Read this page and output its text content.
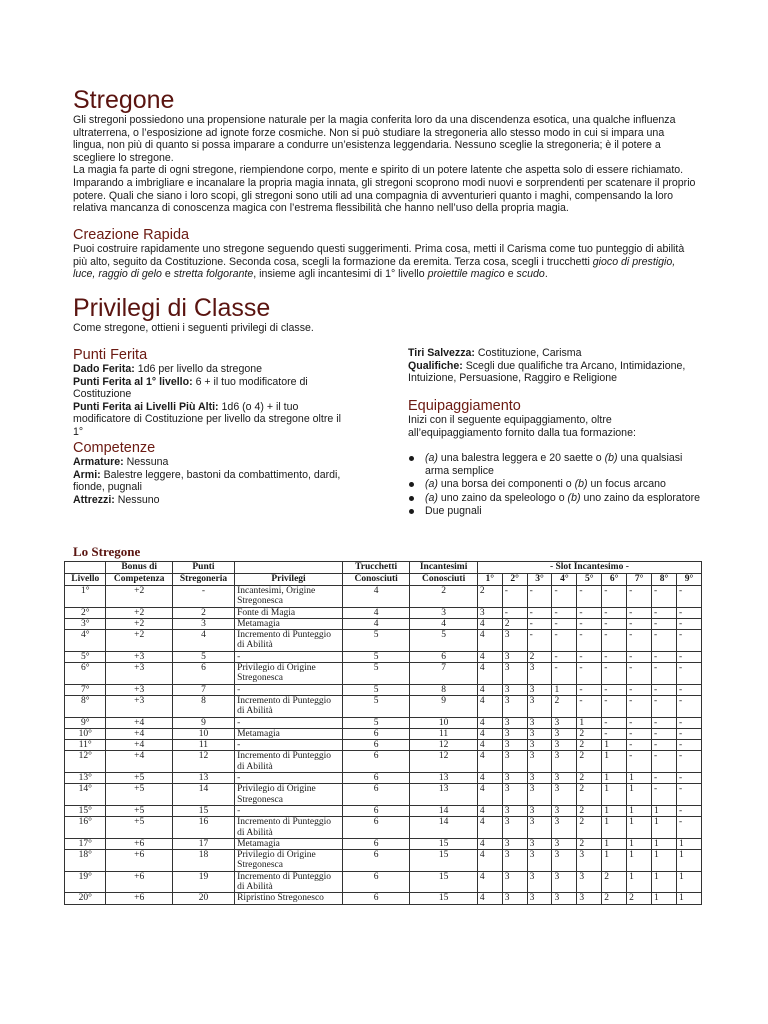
Stregone

Gli stregoni possiedono una propensione naturale per la magia conferita loro da una discendenza esotica, una qualche influenza ultraterrena, o l’esposizione ad ignote forze cosmiche. Non si può studiare la stregoneria allo stesso modo in cui si impara una lingua, non più di quanto si possa imparare a condurre un’esistenza leggendaria. Nessuno sceglie la stregoneria; è il potere a scegliere lo stregone.

La magia fa parte di ogni stregone, riempiendone corpo, mente e spirito di un potere latente che aspetta solo di essere richiamato. Imparando a imbrigliare e incanalare la propria magia innata, gli stregoni scoprono modi nuovi e sorprendenti per scatenare il proprio potere. Quali che siano i loro scopi, gli stregoni sono utili ad una compagnia di avventurieri quanto i maghi, compensando la loro relativa mancanza di conoscenza magica con l’estrema flessibilità che hanno nell’uso della propria magia.

Creazione Rapida

Puoi costruire rapidamente uno stregone seguendo questi suggerimenti. Prima cosa, metti il Carisma come tuo punteggio di abilità più alto, seguito da Costituzione. Seconda cosa, scegli la formazione da eremita. Terza cosa, scegli i trucchetti gioco di prestigio, luce, raggio di gelo e stretta folgorante, insieme agli incantesimi di 1° livello proiettile magico e scudo.

Privilegi di Classe
Come stregone, ottieni i seguenti privilegi di classe.
Punti Ferita

Dado Ferita: 1d6 per livello da stregone

Punti Ferita al 1° livello: 6 + il tuo modificatore di Costituzione

Punti Ferita ai Livelli Più Alti: 1d6 (o 4) + il tuo modificatore di Costituzione per livello da stregone oltre il 1°

Competenze

Armature: Nessuna

Armi: Balestre leggere, bastoni da combattimento, dardi, fionde, pugnali

Attrezzi: Nessuno

Tiri Salvezza: Costituzione, Carisma

Qualifiche: Scegli due qualifiche tra Arcano, Intimidazione, Intuizione, Persuasione, Raggiro e Religione

Equipaggiamento
Inizi con il seguente equipaggiamento, oltre all’equipaggiamento fornito dalla tua formazione:
(a) una balestra leggera e 20 saette o (b) una qualsiasi arma semplice
(a) una borsa dei componenti o (b) un focus arcano
(a) uno zaino da speleologo o (b) uno zaino da esploratore
Due pugnali
Lo Stregone
	Bonus di	Punti		Trucchetti	Incantesimi	- Slot Incantesimo -								
Livello	Competenza	Stregoneria	Privilegi	Conosciuti	Conosciuti	1°	2°	3°	4°	5°	6°	7°	8°	9°
1°	+2	-	Incantesimi, Origine Stregonesca	4	2	2	-	-	-	-	-	-	-	-
2°	+2	2	Fonte di Magia	4	3	3	-	-	-	-	-	-	-	-
3°	+2	3	Metamagia	4	4	4	2	-	-	-	-	-	-	-
4°	+2	4	Incremento di Punteggio di Abilità	5	5	4	3	-	-	-	-	-	-	-
5°	+3	5	-	5	6	4	3	2	-	-	-	-	-	-
6°	+3	6	Privilegio di Origine Stregonesca	5	7	4	3	3	-	-	-	-	-	-
7°	+3	7	-	5	8	4	3	3	1	-	-	-	-	-
8°	+3	8	Incremento di Punteggio di Abilità	5	9	4	3	3	2	-	-	-	-	-
9°	+4	9	-	5	10	4	3	3	3	1	-	-	-	-
10°	+4	10	Metamagia	6	11	4	3	3	3	2	-	-	-	-
11°	+4	11	-	6	12	4	3	3	3	2	1	-	-	-
12°	+4	12	Incremento di Punteggio di Abilità	6	12	4	3	3	3	2	1	-	-	-
13°	+5	13	-	6	13	4	3	3	3	2	1	1	-	-
14°	+5	14	Privilegio di Origine Stregonesca	6	13	4	3	3	3	2	1	1	-	-
15°	+5	15	-	6	14	4	3	3	3	2	1	1	1	-
16°	+5	16	Incremento di Punteggio di Abilità	6	14	4	3	3	3	2	1	1	1	-
17°	+6	17	Metamagia	6	15	4	3	3	3	2	1	1	1	1
18°	+6	18	Privilegio di Origine Stregonesca	6	15	4	3	3	3	3	1	1	1	1
19°	+6	19	Incremento di Punteggio di Abilità	6	15	4	3	3	3	3	2	1	1	1
20°	+6	20	Ripristino Stregonesco	6	15	4	3	3	3	3	2	2	1	1
